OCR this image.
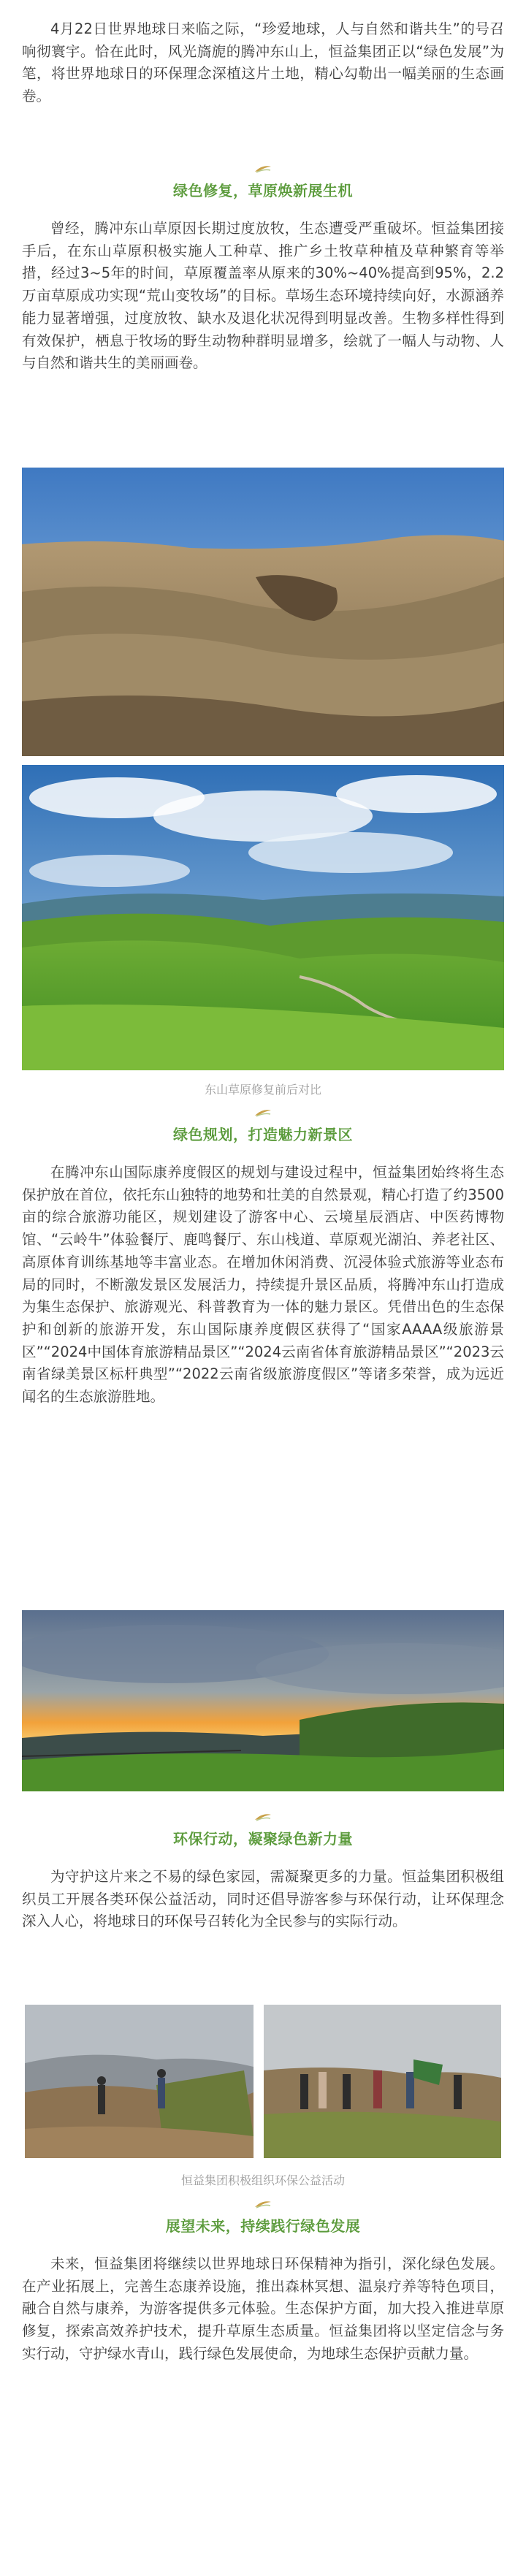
4月22日世界地球日来临之际，“珍爱地球，人与自然和谐共生”的号召响彻寰宇。恰在此时，风光旖旎的腾冲东山上，恒益集团正以“绿色发展”为笔，将世界地球日的环保理念深植这片土地，精心勾勒出一幅美丽的生态画卷。

绿色修复，草原焕新展生机

曾经，腾冲东山草原因长期过度放牧，生态遭受严重破坏。恒益集团接手后，在东山草原积极实施人工种草、推广乡土牧草种植及草种繁育等举措，经过3~5年的时间，草原覆盖率从原来的30%~40%提高到95%，2.2万亩草原成功实现“荒山变牧场”的目标。草场生态环境持续向好，水源涵养能力显著增强，过度放牧、缺水及退化状况得到明显改善。生物多样性得到有效保护，栖息于牧场的野生动物种群明显增多，绘就了一幅人与动物、人与自然和谐共生的美丽画卷。

东山草原修复前后对比
绿色规划，打造魅力新景区

在腾冲东山国际康养度假区的规划与建设过程中，恒益集团始终将生态保护放在首位，依托东山独特的地势和壮美的自然景观，精心打造了约3500亩的综合旅游功能区，规划建设了游客中心、云境星辰酒店、中医药博物馆、“云岭牛”体验餐厅、鹿鸣餐厅、东山栈道、草原观光湖泊、养老社区、高原体育训练基地等丰富业态。在增加休闲消费、沉浸体验式旅游等业态布局的同时，不断激发景区发展活力，持续提升景区品质，将腾冲东山打造成为集生态保护、旅游观光、科普教育为一体的魅力景区。凭借出色的生态保护和创新的旅游开发，东山国际康养度假区获得了“国家AAAA级旅游景区”“2024中国体育旅游精品景区”“2024云南省体育旅游精品景区”“2023云南省绿美景区标杆典型”“2022云南省级旅游度假区”等诸多荣誉，成为远近闻名的生态旅游胜地。

环保行动，凝聚绿色新力量

为守护这片来之不易的绿色家园，需凝聚更多的力量。恒益集团积极组织员工开展各类环保公益活动，同时还倡导游客参与环保行动，让环保理念深入人心，将地球日的环保号召转化为全民参与的实际行动。

恒益集团积极组织环保公益活动
展望未来，持续践行绿色发展

未来，恒益集团将继续以世界地球日环保精神为指引，深化绿色发展。在产业拓展上，完善生态康养设施，推出森林冥想、温泉疗养等特色项目，融合自然与康养，为游客提供多元体验。生态保护方面，加大投入推进草原修复，探索高效养护技术，提升草原生态质量。恒益集团将以坚定信念与务实行动，守护绿水青山，践行绿色发展使命，为地球生态保护贡献力量。
